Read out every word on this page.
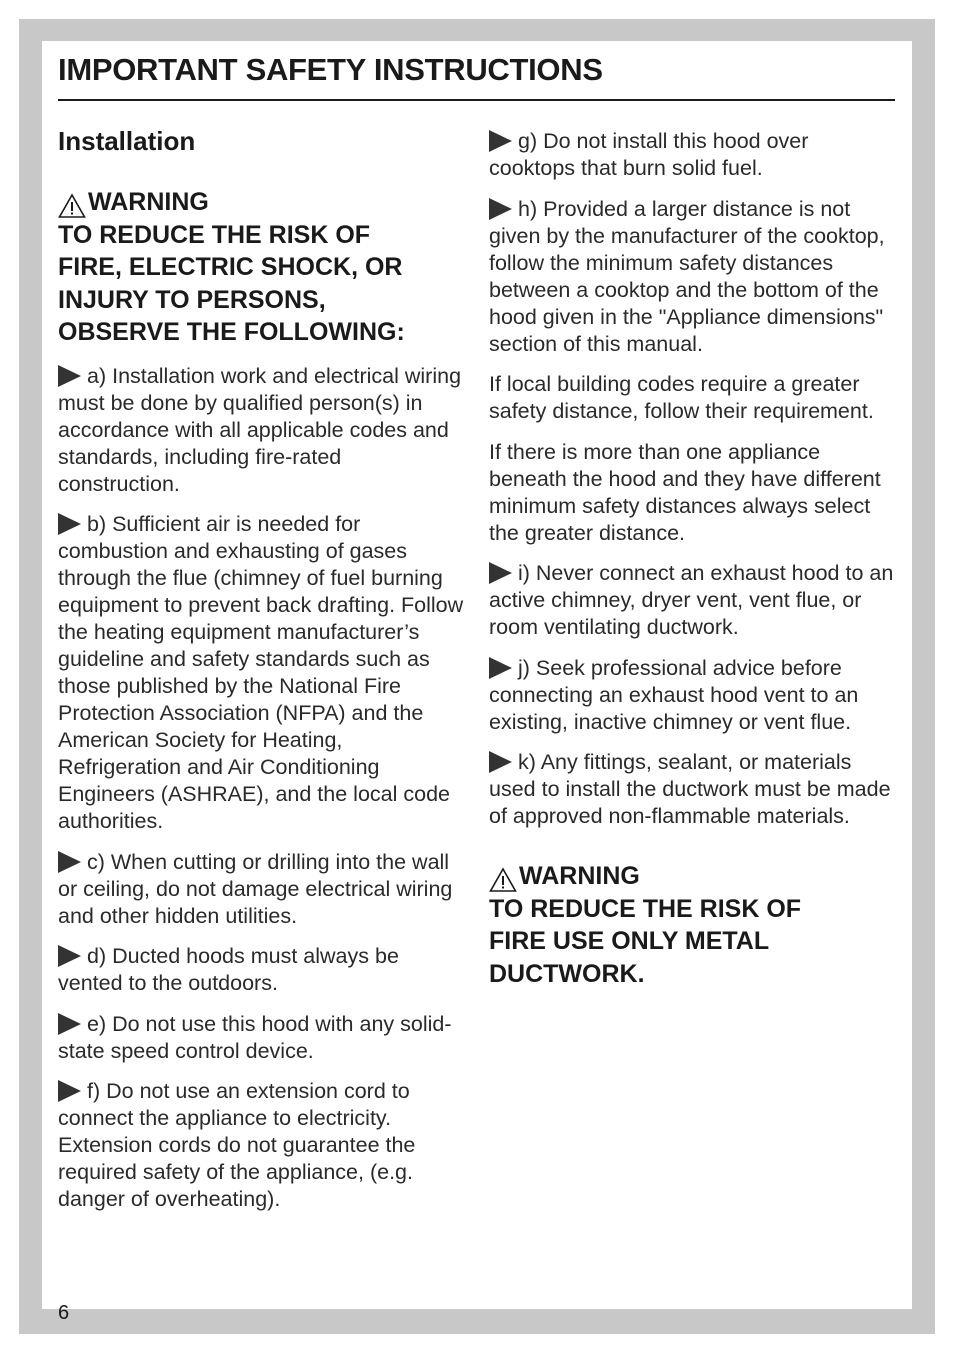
IMPORTANT SAFETY INSTRUCTIONS
Installation
WARNING
TO REDUCE THE RISK OF
FIRE, ELECTRIC SHOCK, OR
INJURY TO PERSONS,
OBSERVE THE FOLLOWING:

a) Installation work and electrical wiring must be done by qualified person(s) in accordance with all applicable codes and standards, including fire-rated construction.

b) Sufficient air is needed for combustion and exhausting of gases through the flue (chimney of fuel burning equipment to prevent back drafting. Follow the heating equipment manufacturer’s guideline and safety standards such as those published by the National Fire Protection Association (NFPA) and the American Society for Heating, Refrigeration and Air Conditioning Engineers (ASHRAE), and the local code authorities.

c) When cutting or drilling into the wall or ceiling, do not damage electrical wiring and other hidden utilities.

d) Ducted hoods must always be vented to the outdoors.

e) Do not use this hood with any solid-state speed control device.

f) Do not use an extension cord to connect the appliance to electricity. Extension cords do not guarantee the required safety of the appliance, (e.g. danger of overheating).

g) Do not install this hood over cooktops that burn solid fuel.

h) Provided a larger distance is not given by the manufacturer of the cooktop, follow the minimum safety distances between a cooktop and the bottom of the hood given in the "Appliance dimensions" section of this manual.

If local building codes require a greater safety distance, follow their requirement.

If there is more than one appliance beneath the hood and they have different minimum safety distances always select the greater distance.

i) Never connect an exhaust hood to an active chimney, dryer vent, vent flue, or room ventilating ductwork.

j) Seek professional advice before connecting an exhaust hood vent to an existing, inactive chimney or vent flue.

k) Any fittings, sealant, or materials used to install the ductwork must be made of approved non-flammable materials.

WARNING
TO REDUCE THE RISK OF
FIRE USE ONLY METAL
DUCTWORK.
6
